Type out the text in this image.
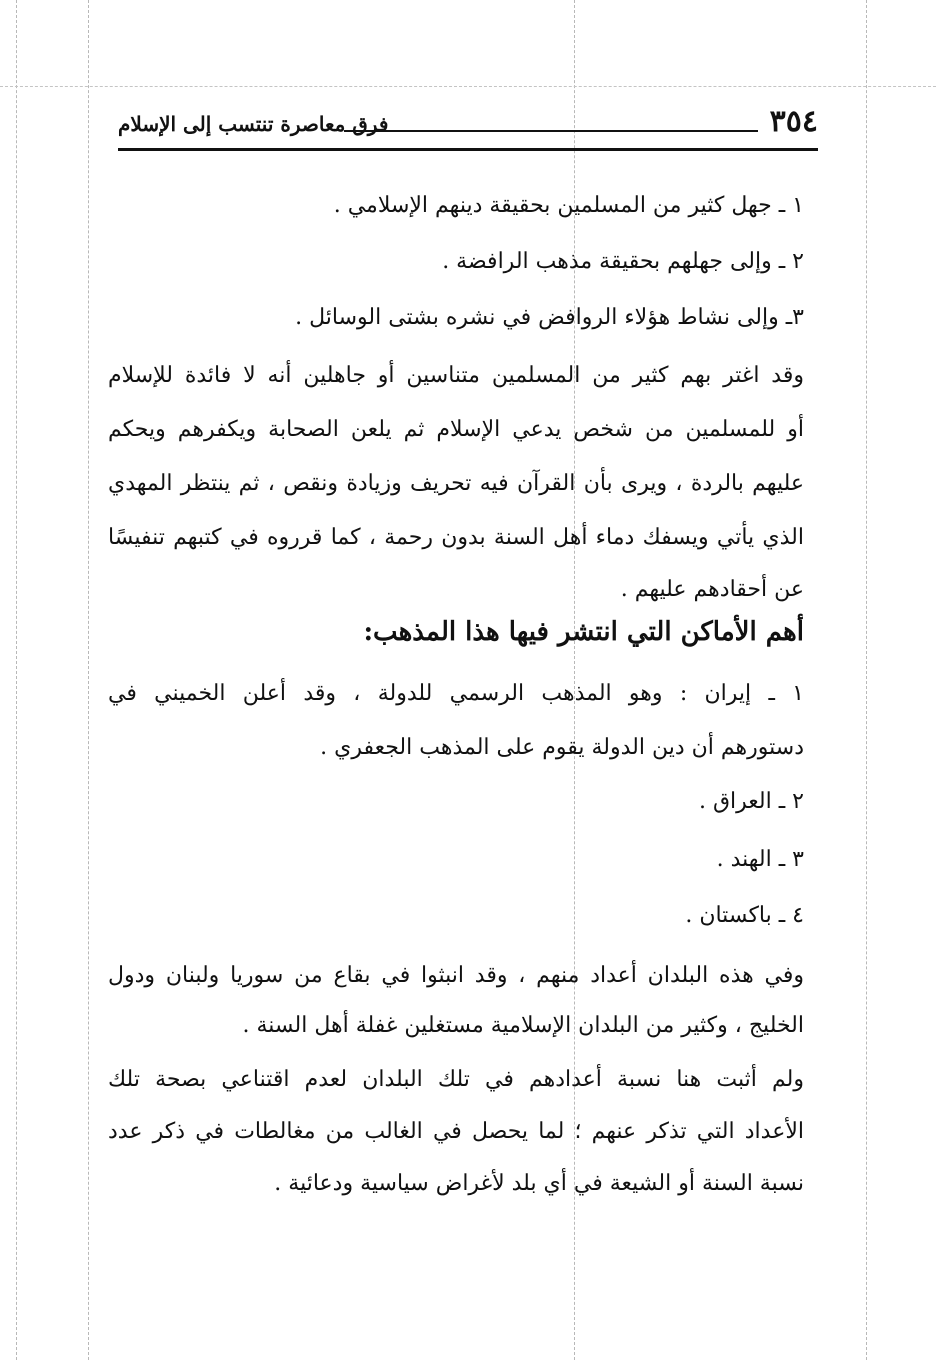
٣٥٤
فرق معاصرة تنتسب إلى الإسلام
١ ـ جهل كثير من المسلمين بحقيقة دينهم الإسلامي .
٢ ـ وإلى جهلهم بحقيقة مذهب الرافضة .
٣ـ وإلى نشاط هؤلاء الروافض في نشره بشتى الوسائل .
وقد اغتر بهم كثير من المسلمين متناسين أو جاهلين أنه لا فائدة للإسلام
أو للمسلمين من شخص يدعي الإسلام ثم يلعن الصحابة ويكفرهم ويحكم
عليهم بالردة ، ويرى بأن القرآن فيه تحريف وزيادة ونقص ، ثم ينتظر المهدي
الذي يأتي ويسفك دماء أهل السنة بدون رحمة ، كما قرروه في كتبهم تنفيسًا
عن أحقادهم عليهم .
أهم الأماكن التي انتشر فيها هذا المذهب:
١ ـ إيران : وهو المذهب الرسمي للدولة ، وقد أعلن الخميني في
دستورهم أن دين الدولة يقوم على المذهب الجعفري .
٢ ـ العراق .
٣ ـ الهند .
٤ ـ باكستان .
وفي هذه البلدان أعداد منهم ، وقد انبثوا في بقاع من سوريا ولبنان ودول
الخليج ، وكثير من البلدان الإسلامية مستغلين غفلة أهل السنة .
ولم أثبت هنا نسبة أعدادهم في تلك البلدان لعدم اقتناعي بصحة تلك
الأعداد التي تذكر عنهم ؛ لما يحصل في الغالب من مغالطات في ذكر عدد
نسبة السنة أو الشيعة في أي بلد لأغراض سياسية ودعائية .
